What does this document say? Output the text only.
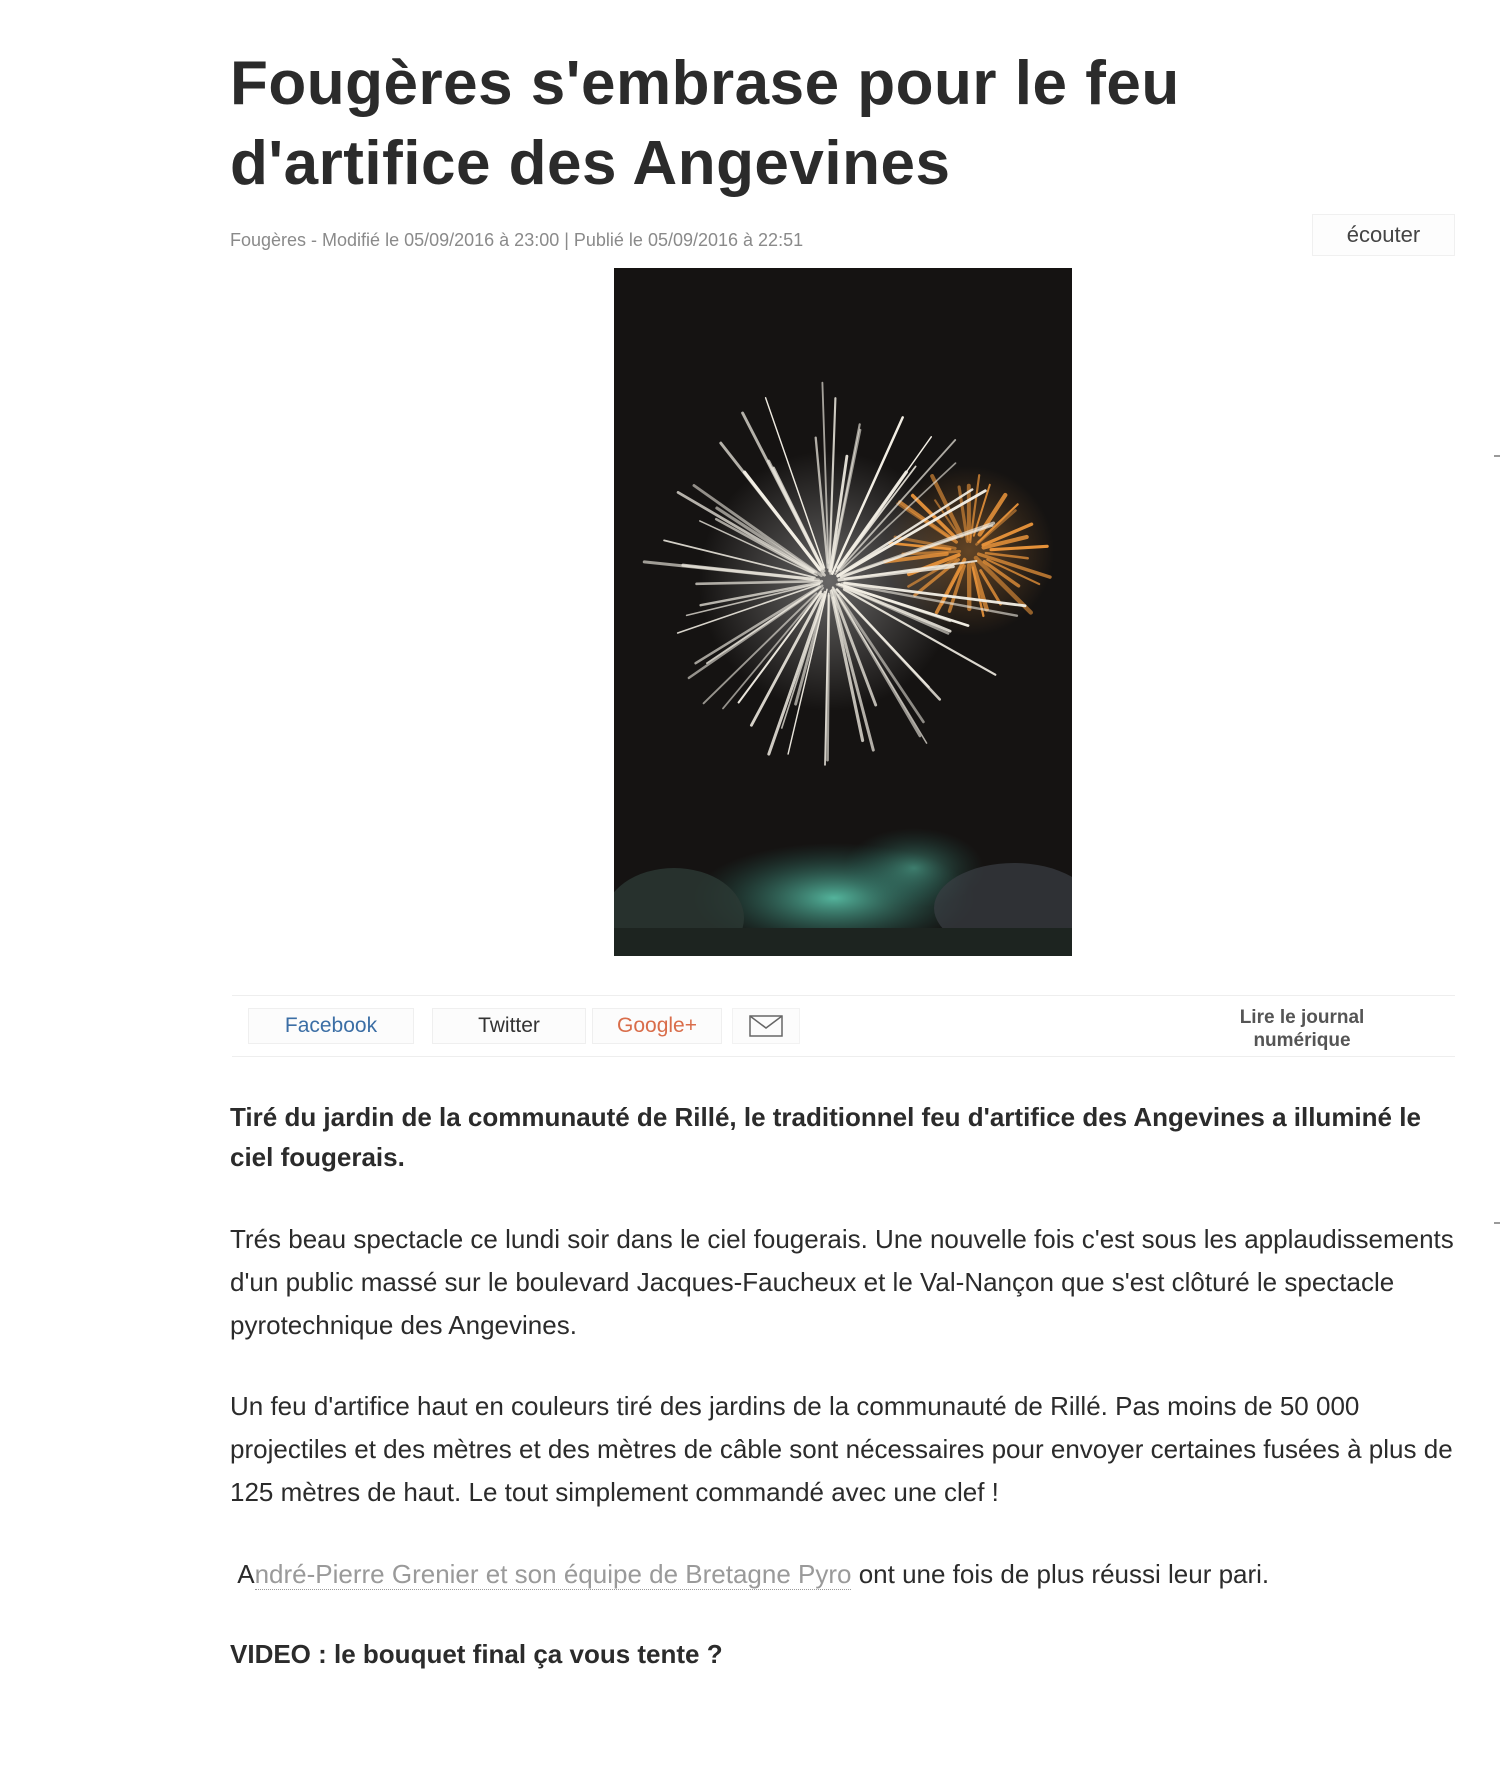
Fougères s'embrase pour le feu d'artifice des Angevines
Fougères - Modifié le 05/09/2016 à 23:00 | Publié le 05/09/2016 à 22:51	écouter
Facebook	Twitter	Google+	Lire le journal
numérique

Tiré du jardin de la communauté de Rillé, le traditionnel feu d'artifice des Angevines a illuminé le ciel fougerais.

Trés beau spectacle ce lundi soir dans le ciel fougerais. Une nouvelle fois c'est sous les applaudissements d'un public massé sur le boulevard Jacques-Faucheux et le Val-Nançon que s'est clôturé le spectacle pyrotechnique des Angevines.

Un feu d'artifice haut en couleurs tiré des jardins de la communauté de Rillé. Pas moins de 50 000 projectiles et des mètres et des mètres de câble sont nécessaires pour envoyer certaines fusées à plus de 125 mètres de haut. Le tout simplement commandé avec une clef !

André-Pierre Grenier et son équipe de Bretagne Pyro ont une fois de plus réussi leur pari.

VIDEO : le bouquet final ça vous tente ?
